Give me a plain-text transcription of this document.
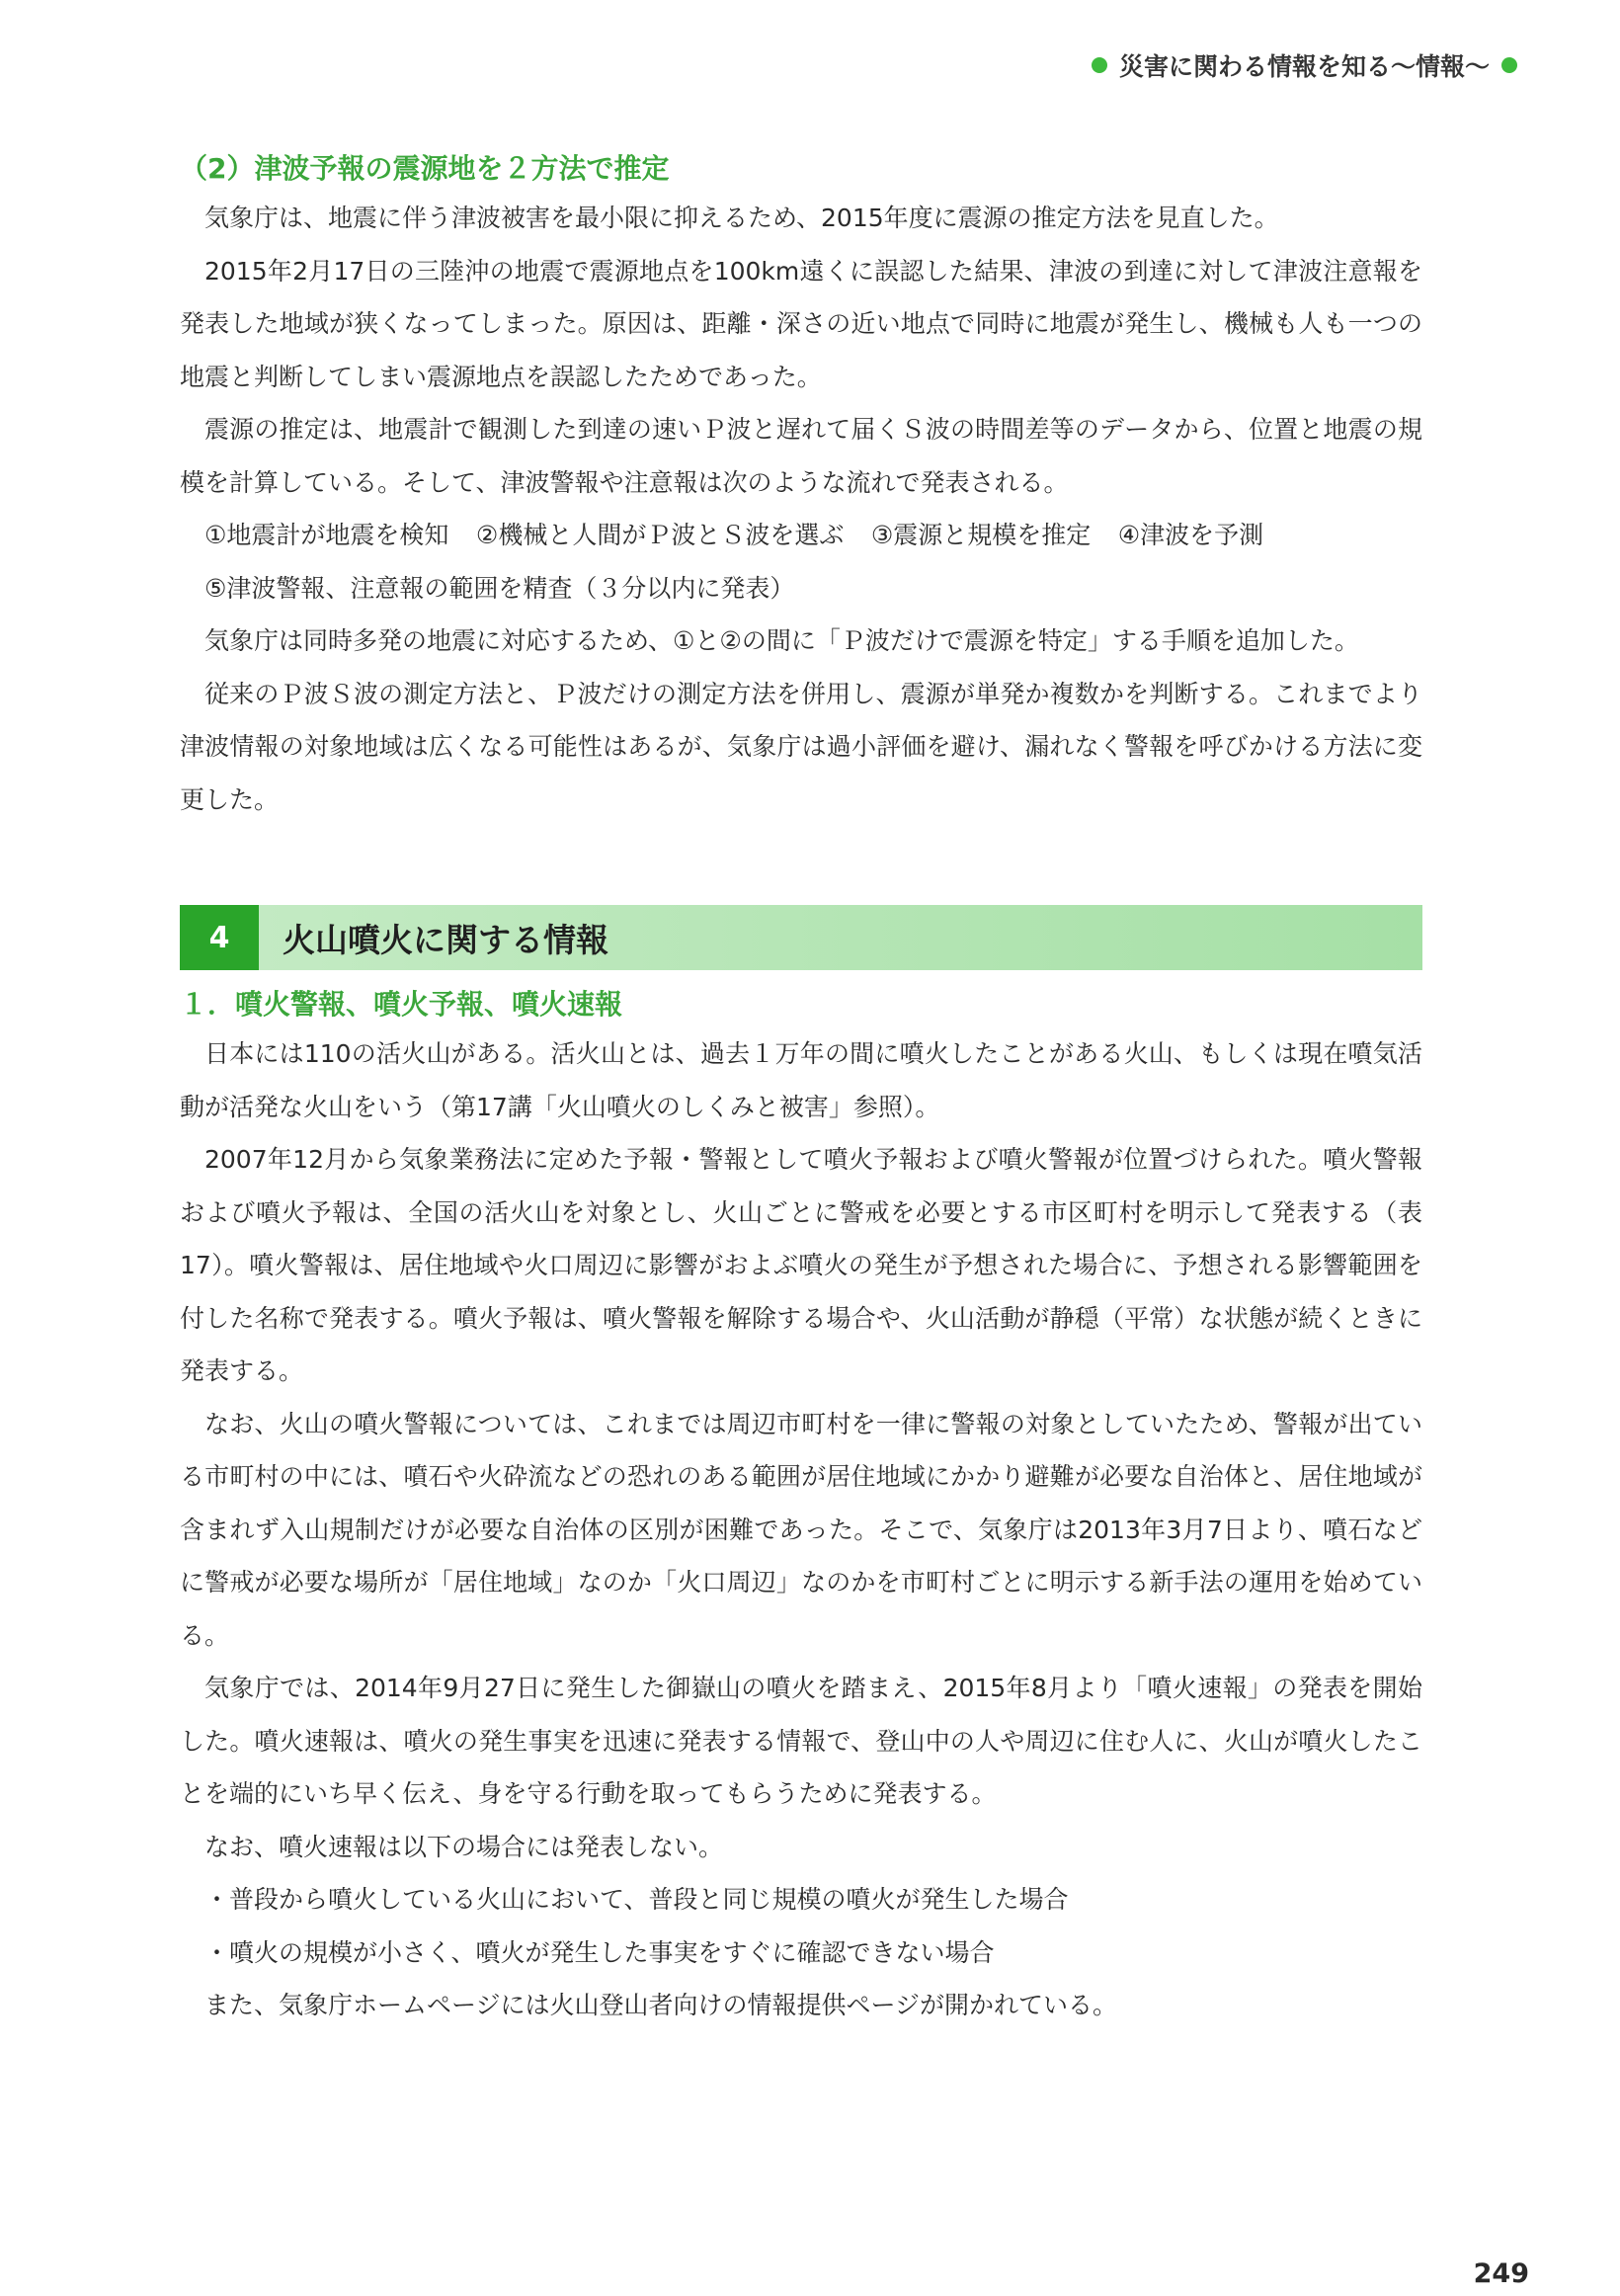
災害に関わる情報を知る〜情報〜
（2）津波予報の震源地を２方法で推定

気象庁は、地震に伴う津波被害を最小限に抑えるため、2015年度に震源の推定方法を見直した。

2015年2月17日の三陸沖の地震で震源地点を100km遠くに誤認した結果、津波の到達に対して津波注意報を発表した地域が狭くなってしまった。原因は、距離・深さの近い地点で同時に地震が発生し、機械も人も一つの地震と判断してしまい震源地点を誤認したためであった。

震源の推定は、地震計で観測した到達の速いＰ波と遅れて届くＳ波の時間差等のデータから、位置と地震の規模を計算している。そして、津波警報や注意報は次のような流れで発表される。

①地震計が地震を検知 ②機械と人間がＰ波とＳ波を選ぶ ③震源と規模を推定 ④津波を予測
⑤津波警報、注意報の範囲を精査（３分以内に発表）

気象庁は同時多発の地震に対応するため、①と②の間に「Ｐ波だけで震源を特定」する手順を追加した。

従来のＰ波Ｓ波の測定方法と、Ｐ波だけの測定方法を併用し、震源が単発か複数かを判断する。これまでより津波情報の対象地域は広くなる可能性はあるが、気象庁は過小評価を避け、漏れなく警報を呼びかける方法に変更した。

4	火山噴火に関する情報
１．噴火警報、噴火予報、噴火速報

日本には110の活火山がある。活火山とは、過去１万年の間に噴火したことがある火山、もしくは現在噴気活動が活発な火山をいう（第17講「火山噴火のしくみと被害」参照）。

2007年12月から気象業務法に定めた予報・警報として噴火予報および噴火警報が位置づけられた。噴火警報および噴火予報は、全国の活火山を対象とし、火山ごとに警戒を必要とする市区町村を明示して発表する（表17）。噴火警報は、居住地域や火口周辺に影響がおよぶ噴火の発生が予想された場合に、予想される影響範囲を付した名称で発表する。噴火予報は、噴火警報を解除する場合や、火山活動が静穏（平常）な状態が続くときに発表する。

なお、火山の噴火警報については、これまでは周辺市町村を一律に警報の対象としていたため、警報が出ている市町村の中には、噴石や火砕流などの恐れのある範囲が居住地域にかかり避難が必要な自治体と、居住地域が含まれず入山規制だけが必要な自治体の区別が困難であった。そこで、気象庁は2013年3月7日より、噴石などに警戒が必要な場所が「居住地域」なのか「火口周辺」なのかを市町村ごとに明示する新手法の運用を始めている。

気象庁では、2014年9月27日に発生した御嶽山の噴火を踏まえ、2015年8月より「噴火速報」の発表を開始した。噴火速報は、噴火の発生事実を迅速に発表する情報で、登山中の人や周辺に住む人に、火山が噴火したことを端的にいち早く伝え、身を守る行動を取ってもらうために発表する。

なお、噴火速報は以下の場合には発表しない。

・普段から噴火している火山において、普段と同じ規模の噴火が発生した場合

・噴火の規模が小さく、噴火が発生した事実をすぐに確認できない場合

また、気象庁ホームページには火山登山者向けの情報提供ページが開かれている。

249
